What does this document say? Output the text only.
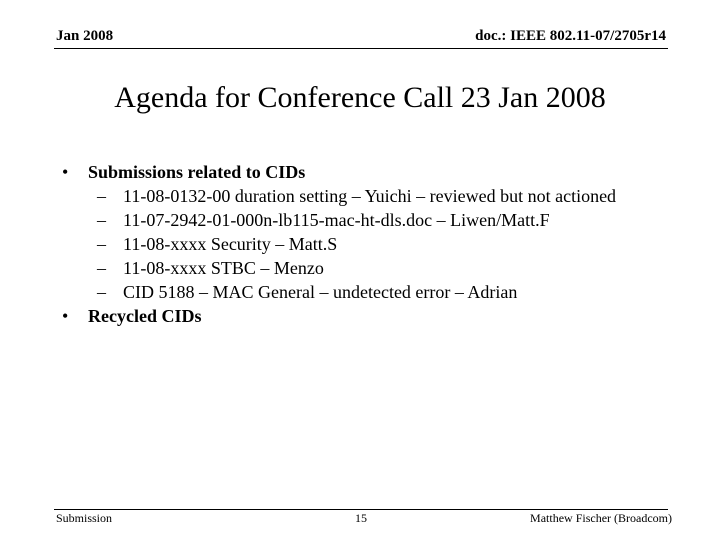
Jan 2008	doc.: IEEE 802.11-07/2705r14
Agenda for Conference Call 23 Jan 2008
•	Submissions related to CIDs
– 11-08-0132-00 duration setting – Yuichi – reviewed but not actioned
– 11-07-2942-01-000n-lb115-mac-ht-dls.doc – Liwen/Matt.F
– 11-08-xxxx Security – Matt.S
– 11-08-xxxx STBC – Menzo
– CID 5188 – MAC General – undetected error – Adrian
•	Recycled CIDs
Submission	15	Matthew Fischer (Broadcom)
